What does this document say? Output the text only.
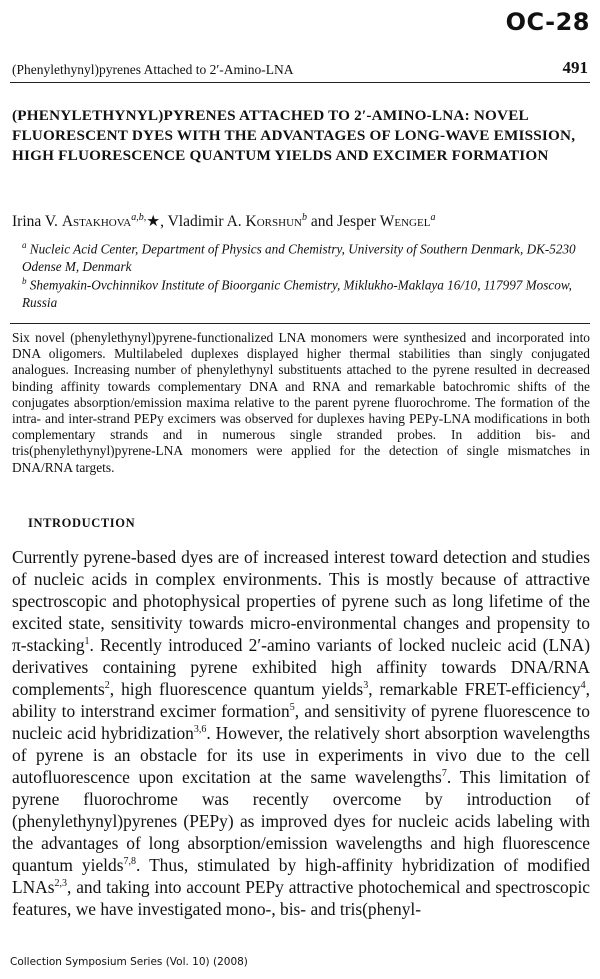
OC-28
(Phenylethynyl)pyrenes Attached to 2′-Amino-LNA	491
(PHENYLETHYNYL)PYRENES ATTACHED TO 2′-AMINO-LNA: NOVEL FLUORESCENT DYES WITH THE ADVANTAGES OF LONG-WAVE EMISSION, HIGH FLUORESCENCE QUANTUM YIELDS AND EXCIMER FORMATION
Irina V. Astakhova$^{a,b,}$★, Vladimir A. Korshun$^b$ and Jesper Wengel$^a$
$^a$ Nucleic Acid Center, Department of Physics and Chemistry, University of Southern Denmark, DK-5230 Odense M, Denmark
$^b$ Shemyakin-Ovchinnikov Institute of Bioorganic Chemistry, Miklukho-Maklaya 16/10, 117997 Moscow, Russia

Six novel (phenylethynyl)pyrene-functionalized LNA monomers were synthesized and incorporated into DNA oligomers. Multilabeled duplexes displayed higher thermal stabilities than singly conjugated analogues. Increasing number of phenylethynyl substituents attached to the pyrene resulted in decreased binding affinity towards complementary DNA and RNA and remarkable batochromic shifts of the conjugates absorption/emission maxima relative to the parent pyrene fluorochrome. The formation of the intra- and inter-strand PEPy excimers was observed for duplexes having PEPy-LNA modifications in both complementary strands and in numerous single stranded probes. In addition bis- and tris(phenylethynyl)pyrene-LNA monomers were applied for the detection of single mismatches in DNA/RNA targets.

INTRODUCTION

Currently pyrene-based dyes are of increased interest toward detection and studies of nucleic acids in complex environments. This is mostly because of attractive spectroscopic and photophysical properties of pyrene such as long lifetime of the excited state, sensitivity towards micro-environmental changes and propensity to π-stacking$^1$. Recently introduced 2′-amino variants of locked nucleic acid (LNA) derivatives containing pyrene exhibited high affinity towards DNA/RNA complements$^2$, high fluorescence quantum yields$^3$, remarkable FRET-efficiency$^4$, ability to interstrand excimer formation$^5$, and sensitivity of pyrene fluorescence to nucleic acid hybridization$^{3,6}$. However, the relatively short absorption wavelengths of pyrene is an obstacle for its use in experiments in vivo due to the cell autofluorescence upon excitation at the same wavelengths$^7$. This limitation of pyrene fluorochrome was recently overcome by introduction of (phenylethynyl)pyrenes (PEPy) as improved dyes for nucleic acids labeling with the advantages of long absorption/emission wavelengths and high fluorescence quantum yields$^{7,8}$. Thus, stimulated by high-affinity hybridization of modified LNAs$^{2,3}$, and taking into account PEPy attractive photochemical and spectroscopic features, we have investigated mono-, bis- and tris(phenyl-

Collection Symposium Series (Vol. 10) (2008)
